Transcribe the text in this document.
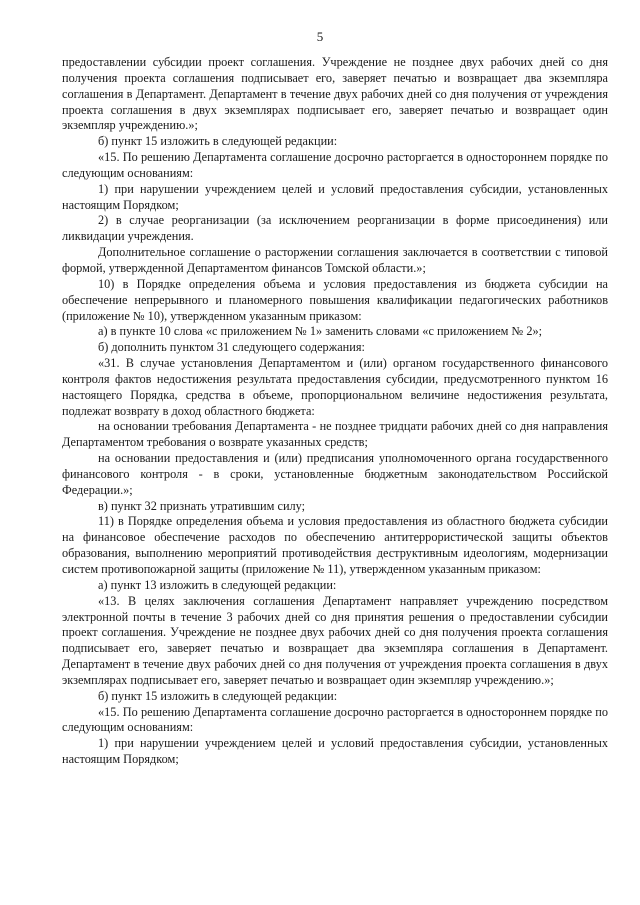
5

предоставлении субсидии проект соглашения. Учреждение не позднее двух рабочих дней со дня получения проекта соглашения подписывает его, заверяет печатью и возвращает два экземпляра соглашения в Департамент. Департамент в течение двух рабочих дней со дня получения от учреждения проекта соглашения в двух экземплярах подписывает его, заверяет печатью и возвращает один экземпляр учреждению.»;

б) пункт 15 изложить в следующей редакции:

«15. По решению Департамента соглашение досрочно расторгается в одностороннем порядке по следующим основаниям:

1) при нарушении учреждением целей и условий предоставления субсидии, установленных настоящим Порядком;

2) в случае реорганизации (за исключением реорганизации в форме присоединения) или ликвидации учреждения.

Дополнительное соглашение о расторжении соглашения заключается в соответствии с типовой формой, утвержденной Департаментом финансов Томской области.»;

10) в Порядке определения объема и условия предоставления из бюджета субсидии на обеспечение непрерывного и планомерного повышения квалификации педагогических работников (приложение № 10), утвержденном указанным приказом:

а) в пункте 10 слова «с приложением № 1» заменить словами «с приложением № 2»;

б) дополнить пунктом 31 следующего содержания:

«31. В случае установления Департаментом и (или) органом государственного финансового контроля фактов недостижения результата предоставления субсидии, предусмотренного пунктом 16 настоящего Порядка, средства в объеме, пропорциональном величине недостижения результата, подлежат возврату в доход областного бюджета:

на основании требования Департамента - не позднее тридцати рабочих дней со дня направления Департаментом требования о возврате указанных средств;

на основании предоставления и (или) предписания уполномоченного органа государственного финансового контроля - в сроки, установленные бюджетным законодательством Российской Федерации.»;

в) пункт 32 признать утратившим силу;

11) в Порядке определения объема и условия предоставления из областного бюджета субсидии на финансовое обеспечение расходов по обеспечению антитеррористической защиты объектов образования, выполнению мероприятий противодействия деструктивным идеологиям, модернизации систем противопожарной защиты (приложение № 11), утвержденном указанным приказом:

а) пункт 13 изложить в следующей редакции:

«13. В целях заключения соглашения Департамент направляет учреждению посредством электронной почты в течение 3 рабочих дней со дня принятия решения о предоставлении субсидии проект соглашения. Учреждение не позднее двух рабочих дней со дня получения проекта соглашения подписывает его, заверяет печатью и возвращает два экземпляра соглашения в Департамент. Департамент в течение двух рабочих дней со дня получения от учреждения проекта соглашения в двух экземплярах подписывает его, заверяет печатью и возвращает один экземпляр учреждению.»;

б) пункт 15 изложить в следующей редакции:

«15. По решению Департамента соглашение досрочно расторгается в одностороннем порядке по следующим основаниям:

1) при нарушении учреждением целей и условий предоставления субсидии, установленных настоящим Порядком;
